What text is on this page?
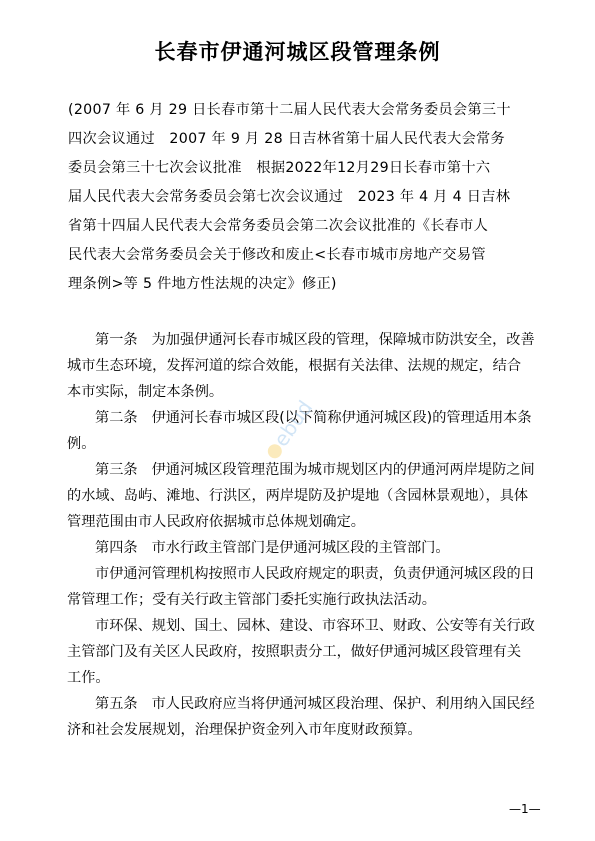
长春市伊通河城区段管理条例
(2007 年 6 月 29 日长春市第十二届人民代表大会常务委员会第三十
四次会议通过　2007 年 9 月 28 日吉林省第十届人民代表大会常务
委员会第三十七次会议批准　根据2022年12月29日长春市第十六
届人民代表大会常务委员会第七次会议通过　2023 年 4 月 4 日吉林
省第十四届人民代表大会常务委员会第二次会议批准的《长春市人
民代表大会常务委员会关于修改和废止<长春市城市房地产交易管
理条例>等 5 件地方性法规的决定》修正)

第一条 为加强伊通河长春市城区段的管理，保障城市防洪安全，改善城市生态环境，发挥河道的综合效能，根据有关法律、法规的规定，结合本市实际，制定本条例。

第二条 伊通河长春市城区段(以下简称伊通河城区段)的管理适用本条例。

第三条 伊通河城区段管理范围为城市规划区内的伊通河两岸堤防之间的水域、岛屿、滩地、行洪区，两岸堤防及护堤地（含园林景观地），具体管理范围由市人民政府依据城市总体规划确定。

第四条 市水行政主管部门是伊通河城区段的主管部门。

市伊通河管理机构按照市人民政府规定的职责，负责伊通河城区段的日常管理工作；受有关行政主管部门委托实施行政执法活动。

市环保、规划、国土、园林、建设、市容环卫、财政、公安等有关行政主管部门及有关区人民政府，按照职责分工，做好伊通河城区段管理有关工作。

第五条 市人民政府应当将伊通河城区段治理、保护、利用纳入国民经济和社会发展规划，治理保护资金列入市年度财政预算。

ebud
—1—
